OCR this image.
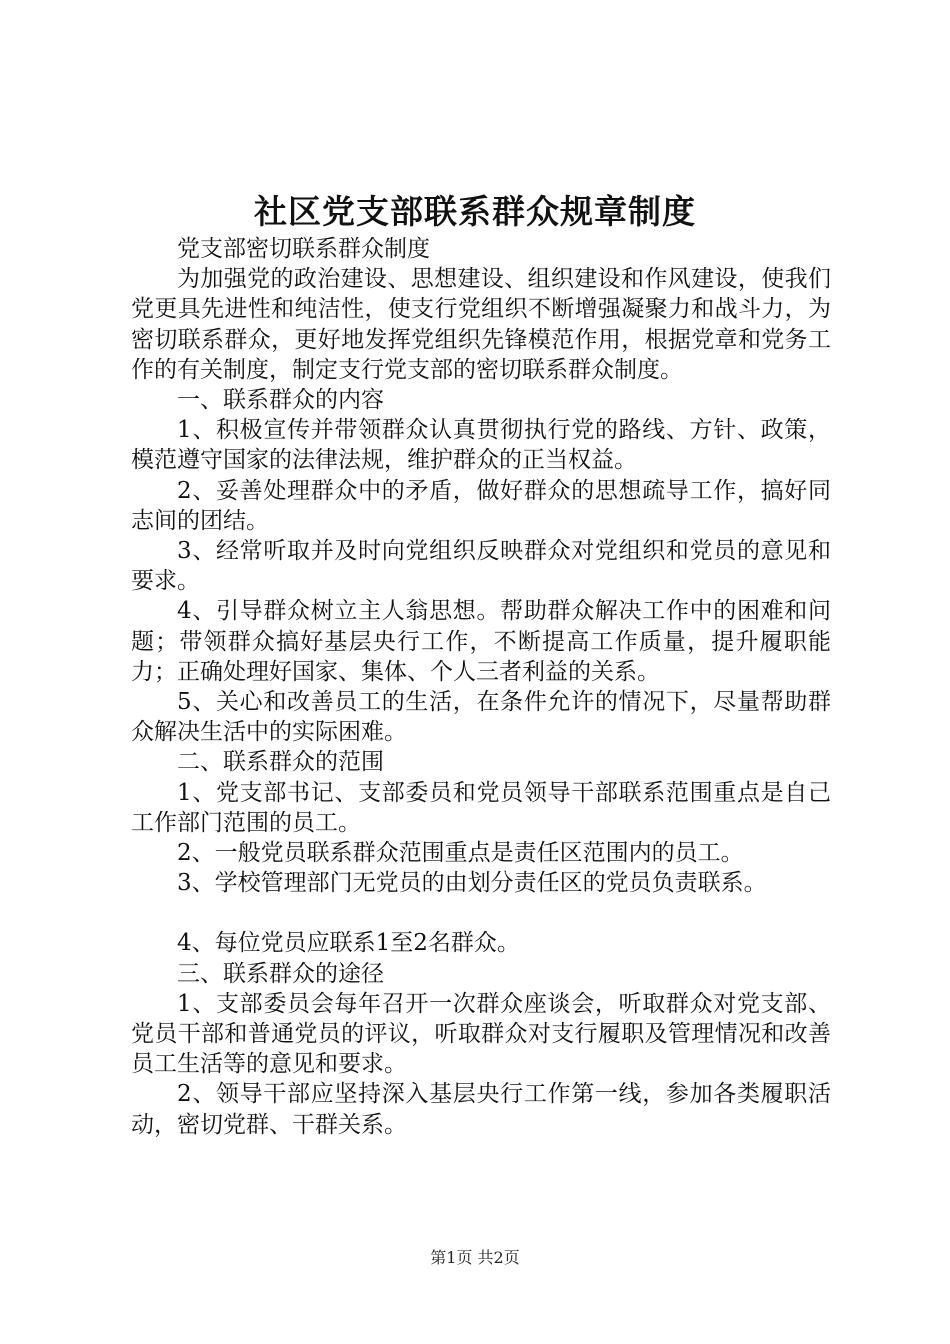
社区党支部联系群众规章制度

党支部密切联系群众制度

为加强党的政治建设、思想建设、组织建设和作风建设，使我们党更具先进性和纯洁性，使支行党组织不断增强凝聚力和战斗力，为密切联系群众，更好地发挥党组织先锋模范作用，根据党章和党务工作的有关制度，制定支行党支部的密切联系群众制度。

一、联系群众的内容

1、积极宣传并带领群众认真贯彻执行党的路线、方针、政策，模范遵守国家的法律法规，维护群众的正当权益。

2、妥善处理群众中的矛盾，做好群众的思想疏导工作，搞好同志间的团结。

3、经常听取并及时向党组织反映群众对党组织和党员的意见和要求。

4、引导群众树立主人翁思想。帮助群众解决工作中的困难和问题；带领群众搞好基层央行工作，不断提高工作质量，提升履职能力；正确处理好国家、集体、个人三者利益的关系。

5、关心和改善员工的生活，在条件允许的情况下，尽量帮助群众解决生活中的实际困难。

二、联系群众的范围

1、党支部书记、支部委员和党员领导干部联系范围重点是自己工作部门范围的员工。

2、一般党员联系群众范围重点是责任区范围内的员工。

3、学校管理部门无党员的由划分责任区的党员负责联系。

4、每位党员应联系1至2名群众。

三、联系群众的途径

1、支部委员会每年召开一次群众座谈会，听取群众对党支部、党员干部和普通党员的评议，听取群众对支行履职及管理情况和改善员工生活等的意见和要求。

2、领导干部应坚持深入基层央行工作第一线，参加各类履职活动，密切党群、干群关系。

第1页 共2页
